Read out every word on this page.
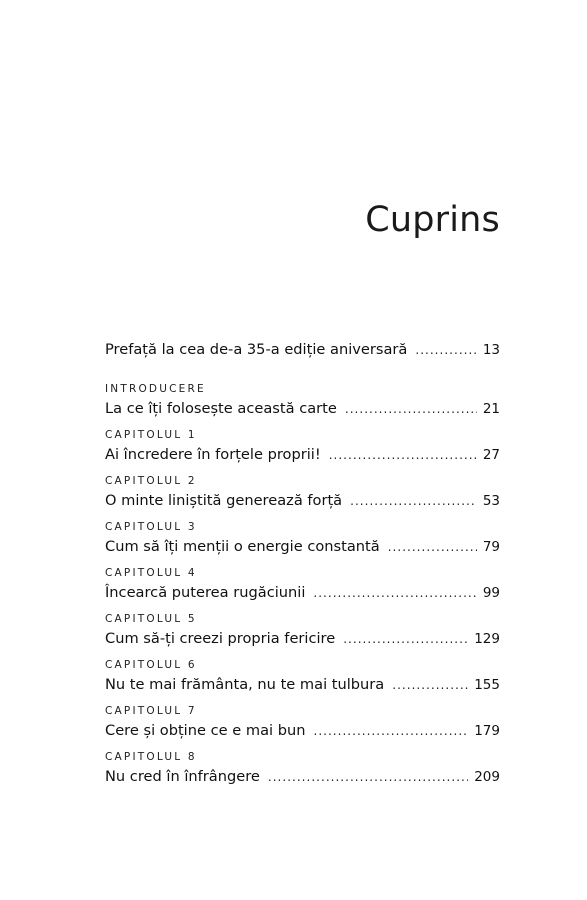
Cuprins
Prefață la cea de-a 35-a ediție aniversară . . .	13
INTRODUCERE
La ce îți folosește această carte . . .	21
CAPITOLUL 1
Ai încredere în forțele proprii! . . .	27
CAPITOLUL 2
O minte liniștită generează forță . . .	53
CAPITOLUL 3
Cum să îți menții o energie constantă . . .	79
CAPITOLUL 4
Încearcă puterea rugăciunii . . .	99
CAPITOLUL 5
Cum să-ți creezi propria fericire . . .	129
CAPITOLUL 6
Nu te mai frământa, nu te mai tulbura . . .	155
CAPITOLUL 7
Cere și obține ce e mai bun . . .	179
CAPITOLUL 8
Nu cred în înfrângere . . .	209
